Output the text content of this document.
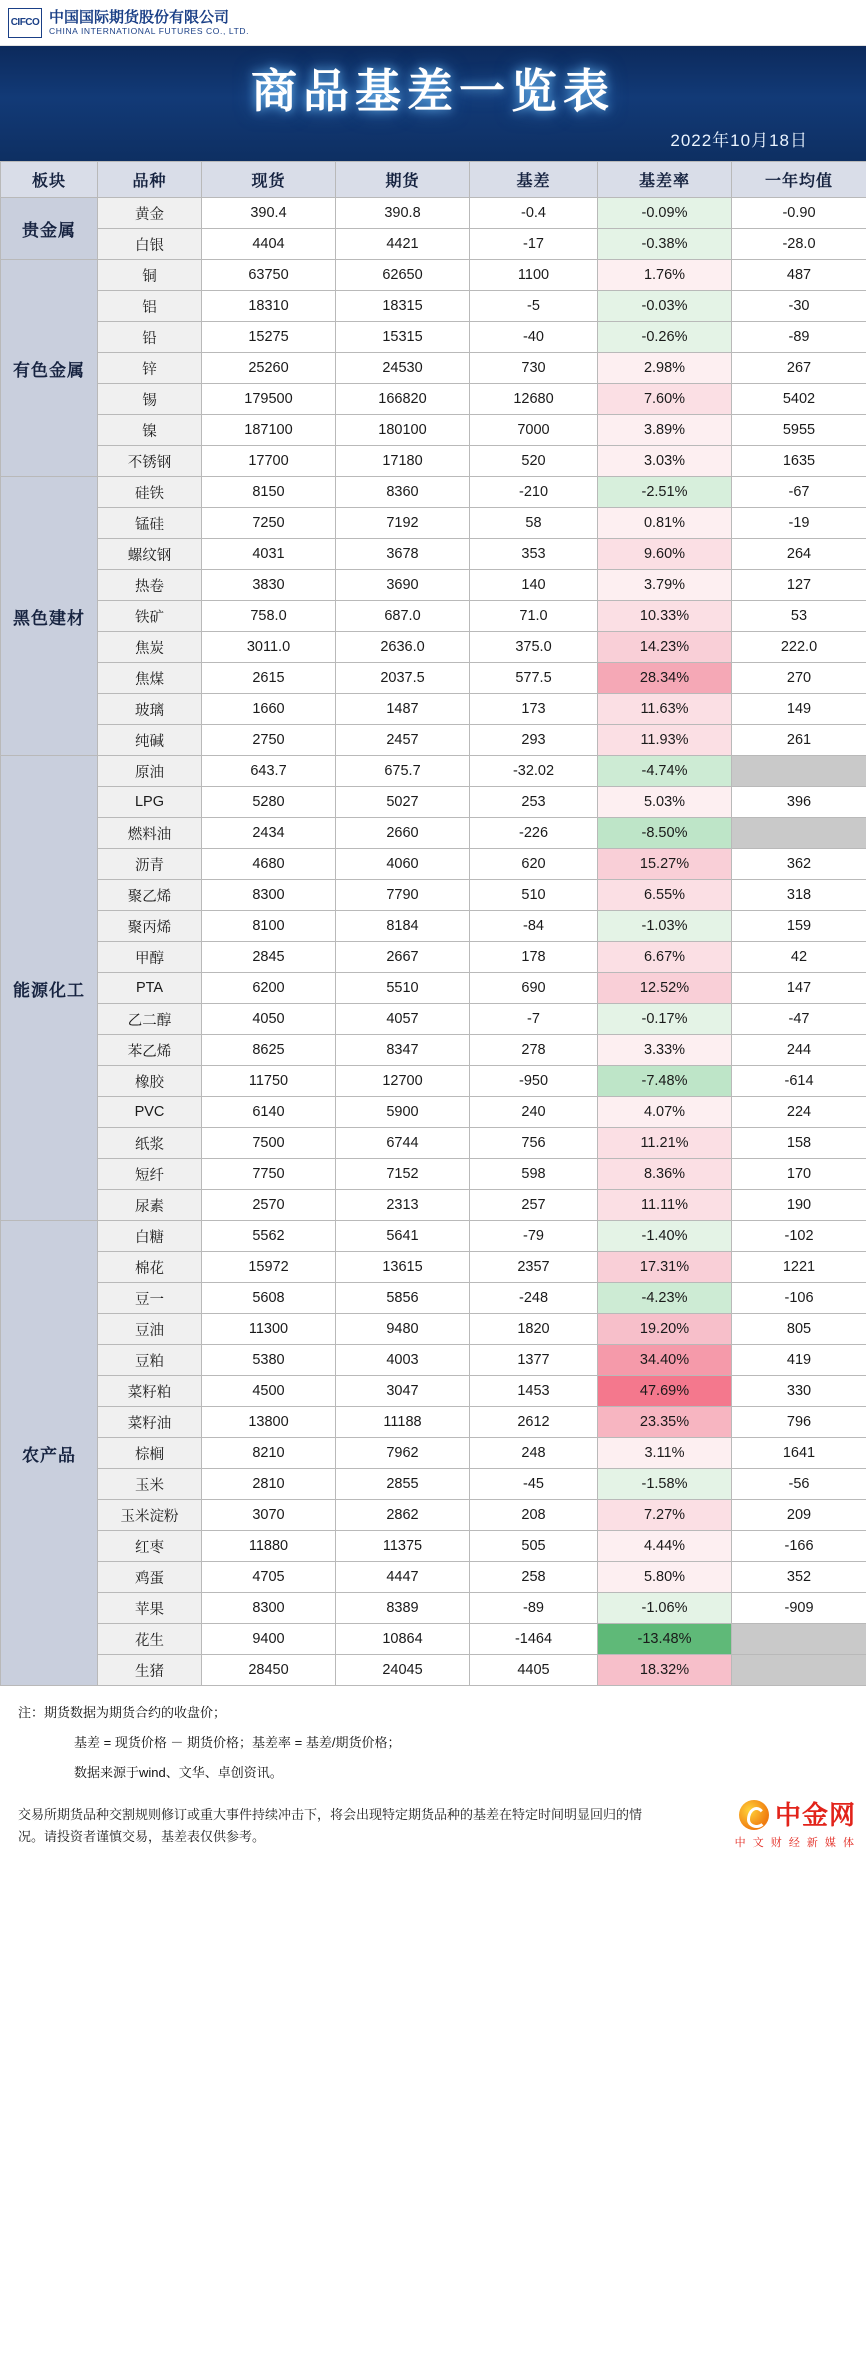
CIFCO 中国国际期货股份有限公司
CHINA INTERNATIONAL FUTURES CO., LTD.
商品基差一览表
2022年10月18日
板块	品种	现货	期货	基差	基差率	一年均值
贵金属	黄金	390.4	390.8	-0.4	-0.09%	-0.90
	白银	4404	4421	-17	-0.38%	-28.0
有色金属	铜	63750	62650	1100	1.76%	487
	铝	18310	18315	-5	-0.03%	-30
	铅	15275	15315	-40	-0.26%	-89
	锌	25260	24530	730	2.98%	267
	锡	179500	166820	12680	7.60%	5402
	镍	187100	180100	7000	3.89%	5955
	不锈钢	17700	17180	520	3.03%	1635
黑色建材	硅铁	8150	8360	-210	-2.51%	-67
	锰硅	7250	7192	58	0.81%	-19
	螺纹钢	4031	3678	353	9.60%	264
	热卷	3830	3690	140	3.79%	127
	铁矿	758.0	687.0	71.0	10.33%	53
	焦炭	3011.0	2636.0	375.0	14.23%	222.0
	焦煤	2615	2037.5	577.5	28.34%	270
	玻璃	1660	1487	173	11.63%	149
	纯碱	2750	2457	293	11.93%	261
能源化工	原油	643.7	675.7	-32.02	-4.74%	
	LPG	5280	5027	253	5.03%	396
	燃料油	2434	2660	-226	-8.50%	
	沥青	4680	4060	620	15.27%	362
	聚乙烯	8300	7790	510	6.55%	318
	聚丙烯	8100	8184	-84	-1.03%	159
	甲醇	2845	2667	178	6.67%	42
	PTA	6200	5510	690	12.52%	147
	乙二醇	4050	4057	-7	-0.17%	-47
	苯乙烯	8625	8347	278	3.33%	244
	橡胶	11750	12700	-950	-7.48%	-614
	PVC	6140	5900	240	4.07%	224
	纸浆	7500	6744	756	11.21%	158
	短纤	7750	7152	598	8.36%	170
	尿素	2570	2313	257	11.11%	190
农产品	白糖	5562	5641	-79	-1.40%	-102
	棉花	15972	13615	2357	17.31%	1221
	豆一	5608	5856	-248	-4.23%	-106
	豆油	11300	9480	1820	19.20%	805
	豆粕	5380	4003	1377	34.40%	419
	菜籽粕	4500	3047	1453	47.69%	330
	菜籽油	13800	11188	2612	23.35%	796
	棕榈	8210	7962	248	3.11%	1641
	玉米	2810	2855	-45	-1.58%	-56
	玉米淀粉	3070	2862	208	7.27%	209
	红枣	11880	11375	505	4.44%	-166
	鸡蛋	4705	4447	258	5.80%	352
	苹果	8300	8389	-89	-1.06%	-909
	花生	9400	10864	-1464	-13.48%	
	生猪	28450	24045	4405	18.32%	

注：期货数据为期货合约的收盘价；

基差 = 现货价格 － 期货价格；基差率 = 基差/期货价格；

数据来源于wind、文华、卓创资讯。

交易所期货品种交割规则修订或重大事件持续冲击下，将会出现特定期货品种的基差在特定时间明显回归的情
况。请投资者谨慎交易，基差表仅供参考。
中金网
中 文 财 经 新 媒 体
